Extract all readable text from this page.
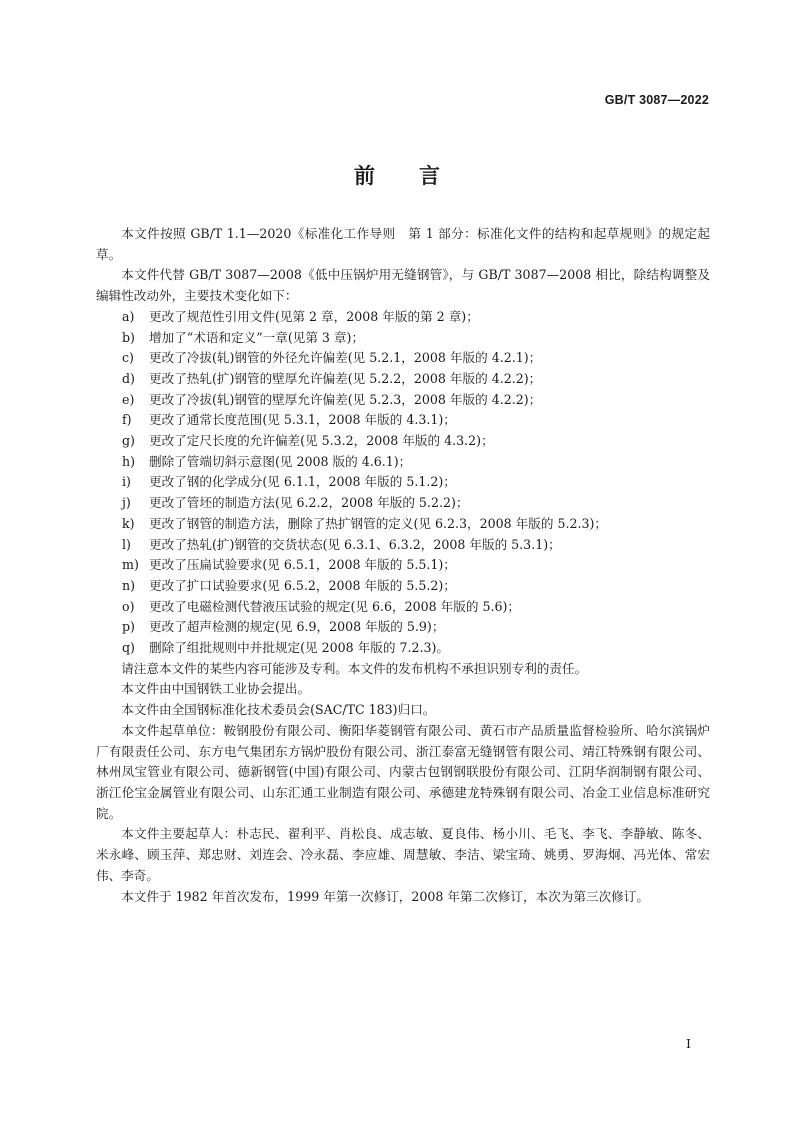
GB/T 3087—2022
前 言

本文件按照 GB/T 1.1—2020《标准化工作导则　第 1 部分：标准化文件的结构和起草规则》的规定起草。

本文件代替 GB/T 3087—2008《低中压锅炉用无缝钢管》，与 GB/T 3087—2008 相比，除结构调整及编辑性改动外，主要技术变化如下：

a) 更改了规范性引用文件(见第 2 章，2008 年版的第 2 章)；

b) 增加了“术语和定义”一章(见第 3 章)；

c) 更改了冷拔(轧)钢管的外径允许偏差(见 5.2.1，2008 年版的 4.2.1)；

d) 更改了热轧(扩)钢管的壁厚允许偏差(见 5.2.2，2008 年版的 4.2.2)；

e) 更改了冷拔(轧)钢管的壁厚允许偏差(见 5.2.3，2008 年版的 4.2.2)；

f) 更改了通常长度范围(见 5.3.1，2008 年版的 4.3.1)；

g) 更改了定尺长度的允许偏差(见 5.3.2，2008 年版的 4.3.2)；

h) 删除了管端切斜示意图(见 2008 版的 4.6.1)；

i) 更改了钢的化学成分(见 6.1.1，2008 年版的 5.1.2)；

j) 更改了管坯的制造方法(见 6.2.2，2008 年版的 5.2.2)；

k) 更改了钢管的制造方法，删除了热扩钢管的定义(见 6.2.3，2008 年版的 5.2.3)；

l) 更改了热轧(扩)钢管的交货状态(见 6.3.1、6.3.2，2008 年版的 5.3.1)；

m) 更改了压扁试验要求(见 6.5.1，2008 年版的 5.5.1)；

n) 更改了扩口试验要求(见 6.5.2，2008 年版的 5.5.2)；

o) 更改了电磁检测代替液压试验的规定(见 6.6，2008 年版的 5.6)；

p) 更改了超声检测的规定(见 6.9，2008 年版的 5.9)；

q) 删除了组批规则中并批规定(见 2008 年版的 7.2.3)。

请注意本文件的某些内容可能涉及专利。本文件的发布机构不承担识别专利的责任。

本文件由中国钢铁工业协会提出。

本文件由全国钢标准化技术委员会(SAC/TC 183)归口。

本文件起草单位：鞍钢股份有限公司、衡阳华菱钢管有限公司、黄石市产品质量监督检验所、哈尔滨锅炉厂有限责任公司、东方电气集团东方锅炉股份有限公司、浙江泰富无缝钢管有限公司、靖江特殊钢有限公司、林州凤宝管业有限公司、德新钢管(中国)有限公司、内蒙古包钢钢联股份有限公司、江阴华润制钢有限公司、浙江伦宝金属管业有限公司、山东汇通工业制造有限公司、承德建龙特殊钢有限公司、冶金工业信息标准研究院。

本文件主要起草人：朴志民、翟利平、肖松良、成志敏、夏良伟、杨小川、毛飞、李飞、李静敏、陈冬、米永峰、顾玉萍、郑忠财、刘连会、冷永磊、李应雄、周慧敏、李洁、梁宝琦、姚勇、罗海炯、冯光体、常宏伟、李奇。

本文件于 1982 年首次发布，1999 年第一次修订，2008 年第二次修订，本次为第三次修订。

I
